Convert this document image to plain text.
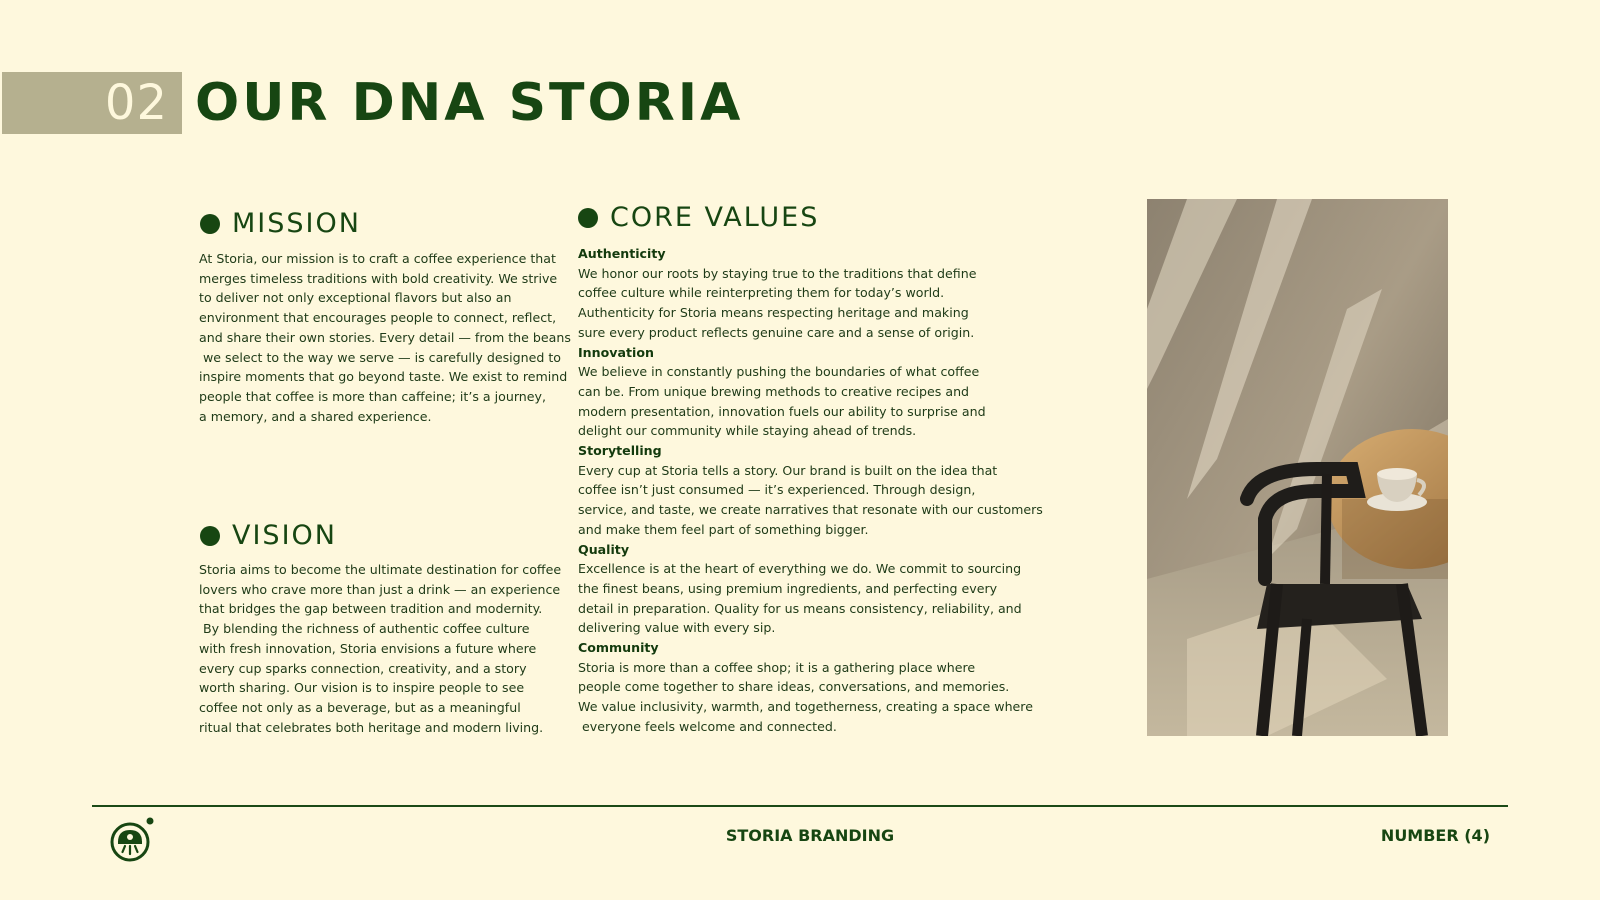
02 OUR DNA STORIA
MISSION
At Storia, our mission is to craft a coffee experience that
merges timeless traditions with bold creativity. We strive
to deliver not only exceptional flavors but also an
environment that encourages people to connect, reflect,
and share their own stories. Every detail — from the beans
we select to the way we serve — is carefully designed to
inspire moments that go beyond taste. We exist to remind
people that coffee is more than caffeine; it’s a journey,
a memory, and a shared experience.
VISION
Storia aims to become the ultimate destination for coffee
lovers who crave more than just a drink — an experience
that bridges the gap between tradition and modernity.
By blending the richness of authentic coffee culture
with fresh innovation, Storia envisions a future where
every cup sparks connection, creativity, and a story
worth sharing. Our vision is to inspire people to see
coffee not only as a beverage, but as a meaningful
ritual that celebrates both heritage and modern living.
CORE VALUES
Authenticity
We honor our roots by staying true to the traditions that define
coffee culture while reinterpreting them for today’s world.
Authenticity for Storia means respecting heritage and making
sure every product reflects genuine care and a sense of origin.
Innovation
We believe in constantly pushing the boundaries of what coffee
can be. From unique brewing methods to creative recipes and
modern presentation, innovation fuels our ability to surprise and
delight our community while staying ahead of trends.
Storytelling
Every cup at Storia tells a story. Our brand is built on the idea that
coffee isn’t just consumed — it’s experienced. Through design,
service, and taste, we create narratives that resonate with our customers
and make them feel part of something bigger.
Quality
Excellence is at the heart of everything we do. We commit to sourcing
the finest beans, using premium ingredients, and perfecting every
detail in preparation. Quality for us means consistency, reliability, and
delivering value with every sip.
Community
Storia is more than a coffee shop; it is a gathering place where
people come together to share ideas, conversations, and memories.
We value inclusivity, warmth, and togetherness, creating a space where
everyone feels welcome and connected.
STORIA BRANDING	NUMBER (4)
